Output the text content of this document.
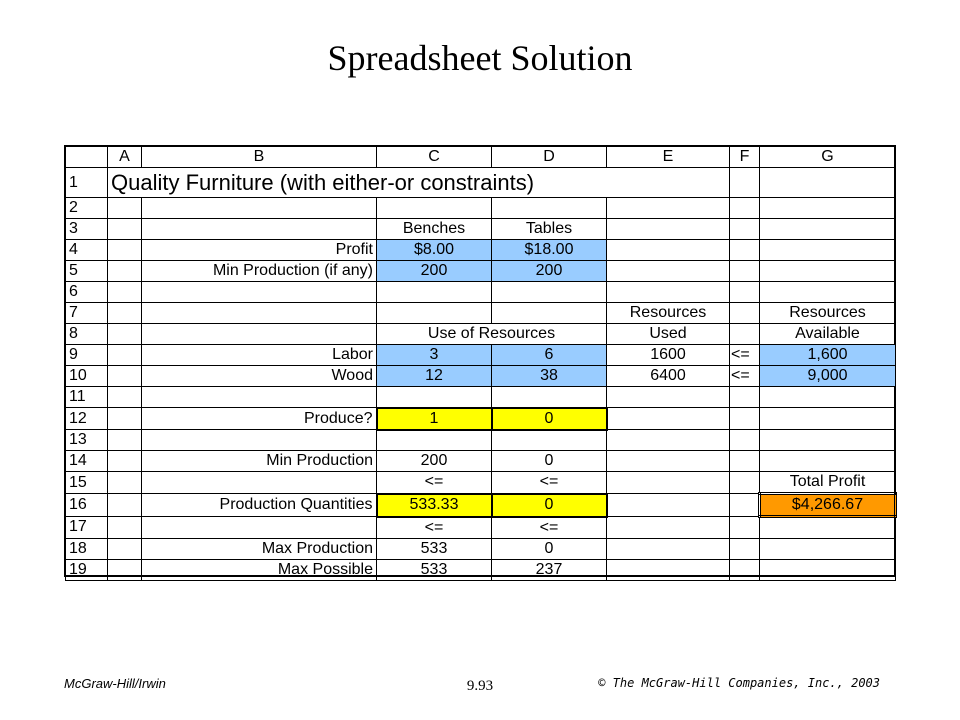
Spreadsheet Solution
	A	B	C	D	E	F	G
1	Quality Furniture (with either-or constraints)						
2							
3			Benches	Tables			
4		Profit	$8.00	$18.00			
5		Min Production (if any)	200	200			
6							
7					Resources		Resources
8			Use of Resources		Used		Available
9		Labor	3	6	1600	<=	1,600
10		Wood	12	38	6400	<=	9,000
11							
12		Produce?	1	0			
13							
14		Min Production	200	0			
15			<=	<=			Total Profit
16		Production Quantities	533.33	0			$4,266.67
17			<=	<=			
18		Max Production	533	0			
19		Max Possible	533	237			
McGraw-Hill/Irwin	9.93	© The McGraw-Hill Companies, Inc., 2003
